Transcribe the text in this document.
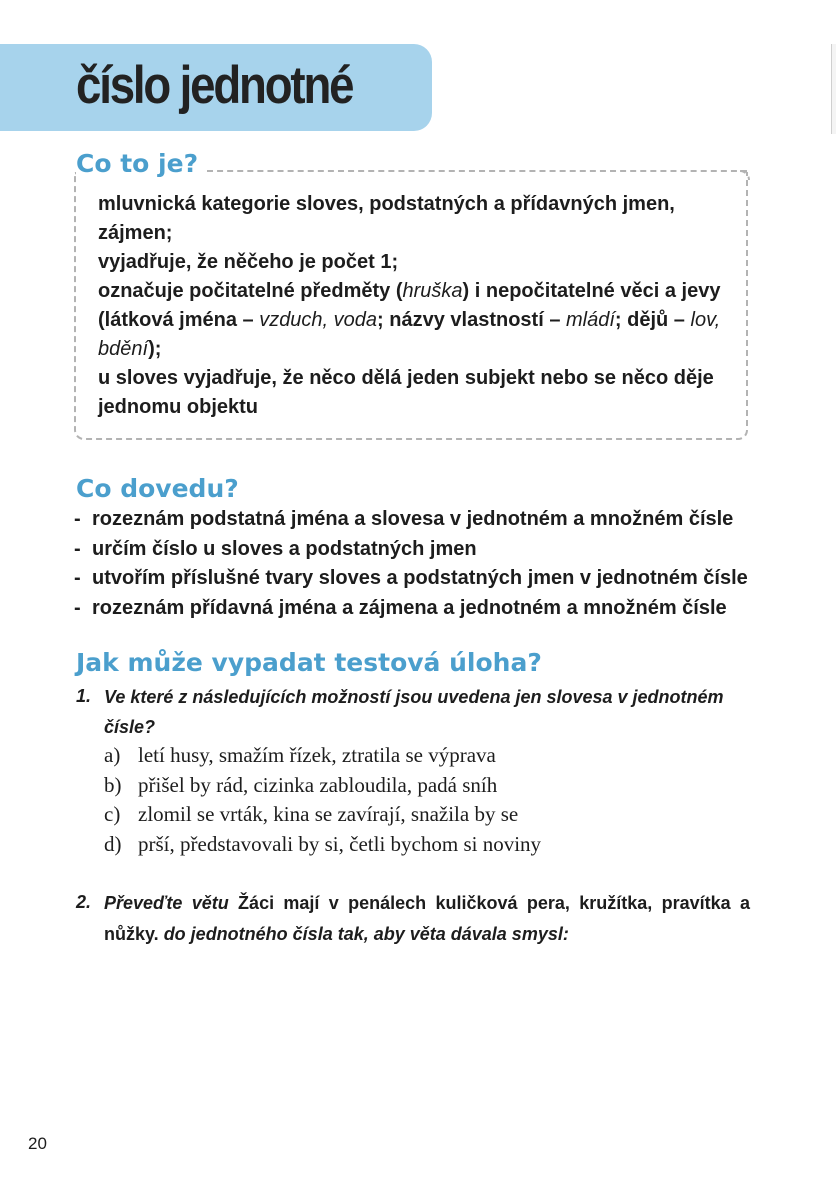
číslo jednotné
Co to je?
mluvnická kategorie sloves, podstatných a přídavných jmen, zájmen;
vyjadřuje, že něčeho je počet 1;
označuje počitatelné předměty (hruška) i nepočitatelné věci a jevy (látková jména – vzduch, voda; názvy vlastností – mládí; dějů – lov, bdění);
u sloves vyjadřuje, že něco dělá jeden subjekt nebo se něco děje jednomu objektu
Co dovedu?
- rozeznám podstatná jména a slovesa v jednotném a množném čísle
- určím číslo u sloves a podstatných jmen
- utvořím příslušné tvary sloves a podstatných jmen v jednotném čísle
- rozeznám přídavná jména a zájmena a jednotném a množném čísle
Jak může vypadat testová úloha?
1. Ve které z následujících možností jsou uvedena jen slovesa v jednotném čísle?
a) letí husy, smažím řízek, ztratila se výprava
b) přišel by rád, cizinka zabloudila, padá sníh
c) zlomil se vrták, kina se zavírají, snažila by se
d) prší, představovali by si, četli bychom si noviny
2. Převeďte větu Žáci mají v penálech kuličková pera, kružítka, pravítka a nůžky. do jednotného čísla tak, aby věta dávala smysl:
20
